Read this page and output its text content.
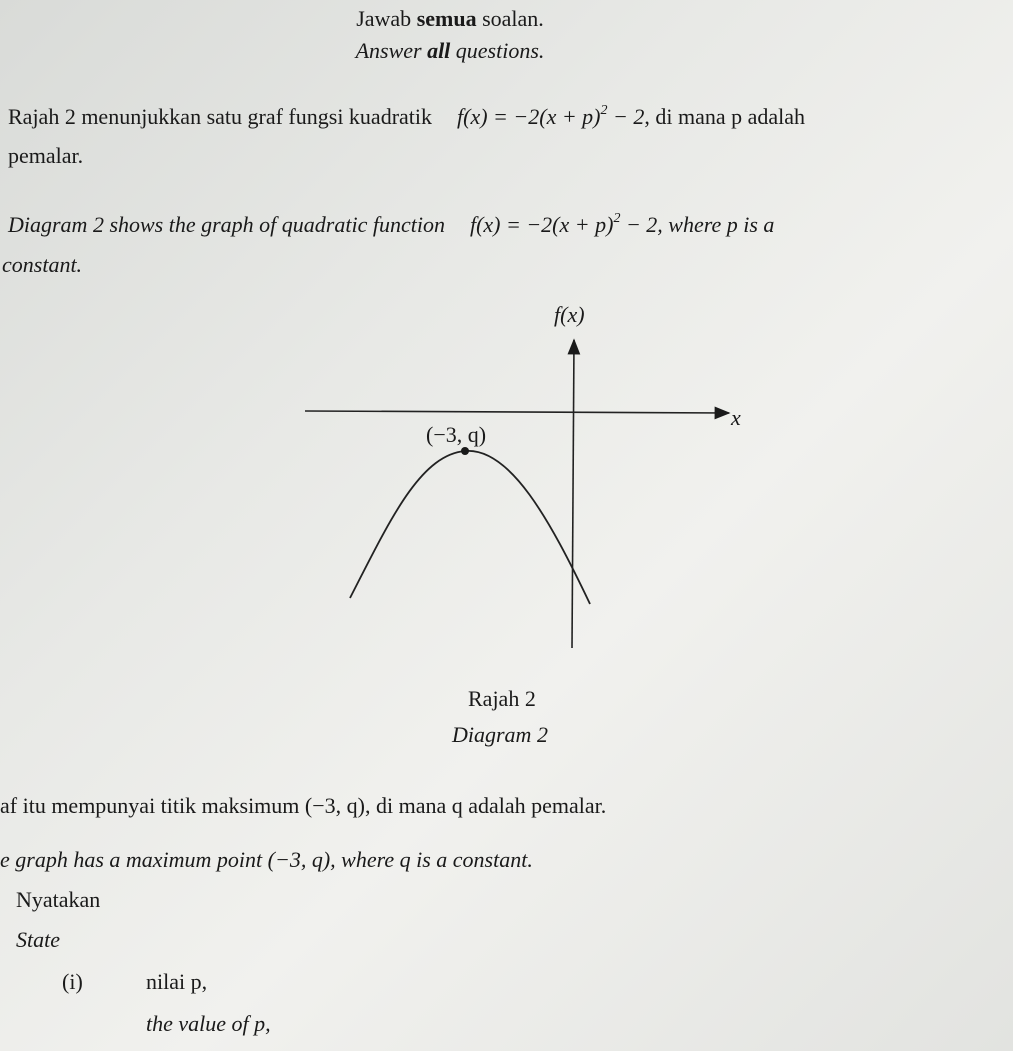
Jawab semua soalan.
Answer all questions.
Rajah 2 menunjukkan satu graf fungsi kuadratik $f(x) = -2(x + p)^2 - 2$, di mana p adalah
pemalar.
Diagram 2 shows the graph of quadratic function $f(x) = -2(x + p)^2 - 2$, where p is a
constant.
f(x)
x
(−3, q)
Rajah 2
Diagram 2
af itu mempunyai titik maksimum (−3, q), di mana q adalah pemalar.
e graph has a maximum point (−3, q), where q is a constant.
Nyatakan
State
(i)	nilai p,
the value of p,
